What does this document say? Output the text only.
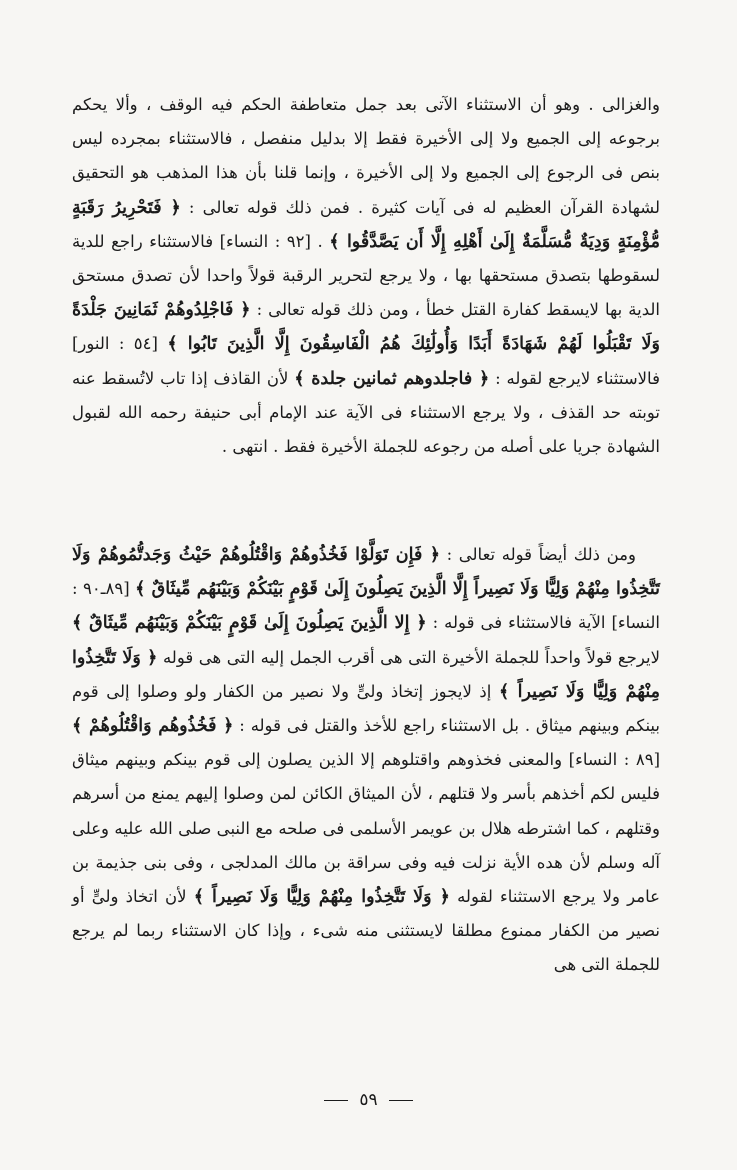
والغزالى . وهو أن الاستثناء الآتى بعد جمل متعاطفة الحكم فيه الوقف ، وألا يحكم برجوعه إلى الجميع ولا إلى الأخيرة فقط إلا بدليل منفصل ، فالاستثناء بمجرده ليس بنص فى الرجوع إلى الجميع ولا إلى الأخيرة ، وإنما قلنا بأن هذا المذهب هو التحقيق لشهادة القرآن العظيم له فى آيات كثيرة . فمن ذلك قوله تعالى : ﴿ فَتَحْرِيرُ رَقَبَةٍ مُّؤْمِنَةٍ وَدِيَةٌ مُّسَلَّمَةٌ إِلَىٰ أَهْلِهِ إِلَّا أَن يَصَّدَّقُوا ﴾ . [٩٢ : النساء] فالاستثناء راجع للدية لسقوطها بتصدق مستحقها بها ، ولا يرجع لتحرير الرقبة قولاً واحدا لأن تصدق مستحق الدية بها لايسقط كفارة القتل خطأ ، ومن ذلك قوله تعالى : ﴿ فَاجْلِدُوهُمْ ثَمَانِينَ جَلْدَةً وَلَا تَقْبَلُوا لَهُمْ شَهَادَةً أَبَدًا وَأُولَٰئِكَ هُمُ الْفَاسِقُونَ إِلَّا الَّذِينَ تَابُوا ﴾ [٥٤ : النور] فالاستثناء لايرجع لقوله : ﴿ فاجلدوهم ثمانين جلدة ﴾ لأن القاذف إذا تاب لاتُسقط عنه توبته حد القذف ، ولا يرجع الاستثناء فى الآية عند الإمام أبى حنيفة رحمه الله لقبول الشهادة جريا على أصله من رجوعه للجملة الأخيرة فقط . انتهى .

ومن ذلك أيضاً قوله تعالى : ﴿ فَإِن تَوَلَّوْا فَخُذُوهُمْ وَاقْتُلُوهُمْ حَيْثُ وَجَدتُّمُوهُمْ وَلَا تَتَّخِذُوا مِنْهُمْ وَلِيًّا وَلَا نَصِيراً إِلَّا الَّذِينَ يَصِلُونَ إِلَىٰ قَوْمٍ بَيْنَكُمْ وَبَيْنَهُم مِّيثَاقٌ ﴾ [٨٩ـ٩٠ : النساء] الآية فالاستثناء فى قوله : ﴿ إِلا الَّذِينَ يَصِلُونَ إِلَىٰ قَوْمٍ بَيْنَكُمْ وَبَيْنَهُم مِّيثَاقٌ ﴾ لايرجع قولاً واحداً للجملة الأخيرة التى هى أقرب الجمل إليه التى هى قوله ﴿ وَلَا تَتَّخِذُوا مِنْهُمْ وَلِيًّا وَلَا نَصِيراً ﴾ إذ لايجوز إتخاذ ولىٍّ ولا نصير من الكفار ولو وصلوا إلى قوم بينكم وبينهم ميثاق . بل الاستثناء راجع للأخذ والقتل فى قوله : ﴿ فَخُذُوهُم وَاقْتُلُوهُمْ ﴾ [٨٩ : النساء] والمعنى فخذوهم واقتلوهم إلا الذين يصلون إلى قوم بينكم وبينهم ميثاق فليس لكم أخذهم بأسر ولا قتلهم ، لأن الميثاق الكائن لمن وصلوا إليهم يمنع من أسرهم وقتلهم ، كما اشترطه هلال بن عويمر الأسلمى فى صلحه مع النبى صلى الله عليه وعلى آله وسلم لأن هده الأية نزلت فيه وفى سراقة بن مالك المدلجى ، وفى بنى جذيمة بن عامر ولا يرجع الاستثناء لقوله ﴿ وَلَا تَتَّخِذُوا مِنْهُمْ وَلِيًّا وَلَا نَصِيراً ﴾ لأن اتخاذ ولىٍّ أو نصير من الكفار ممنوع مطلقا لايستثنى منه شىء ، وإذا كان الاستثناء ربما لم يرجع للجملة التى هى

٥٩
